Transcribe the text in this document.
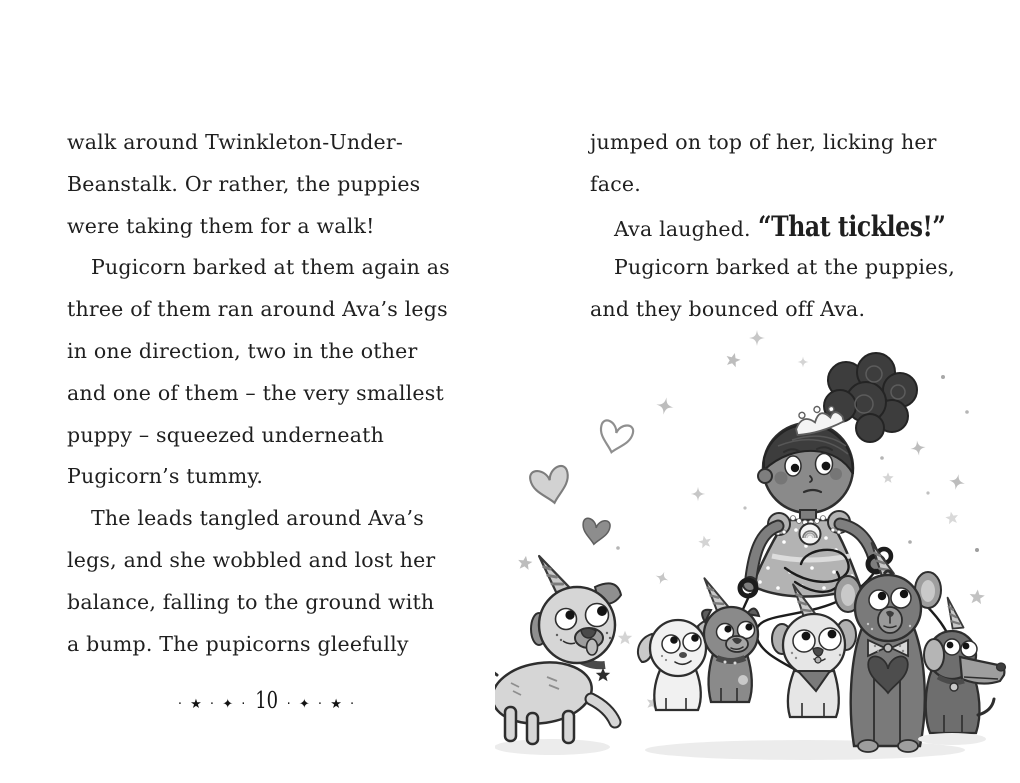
walk around Twinkleton-Under-
Beanstalk. Or rather, the puppies
were taking them for a walk!
Pugicorn barked at them again as
three of them ran around Ava’s legs
in one direction, two in the other
and one of them – the very smallest
puppy – squeezed underneath
Pugicorn’s tummy.
The leads tangled around Ava’s
legs, and she wobbled and lost her
balance, falling to the ground with
a bump. The pupicorns gleefully
jumped on top of her, licking her
face.
Ava laughed. “That tickles!”
Pugicorn barked at the puppies,
and they bounced off Ava.
· ★ · ✦ · 10 · ✦ · ★ ·
